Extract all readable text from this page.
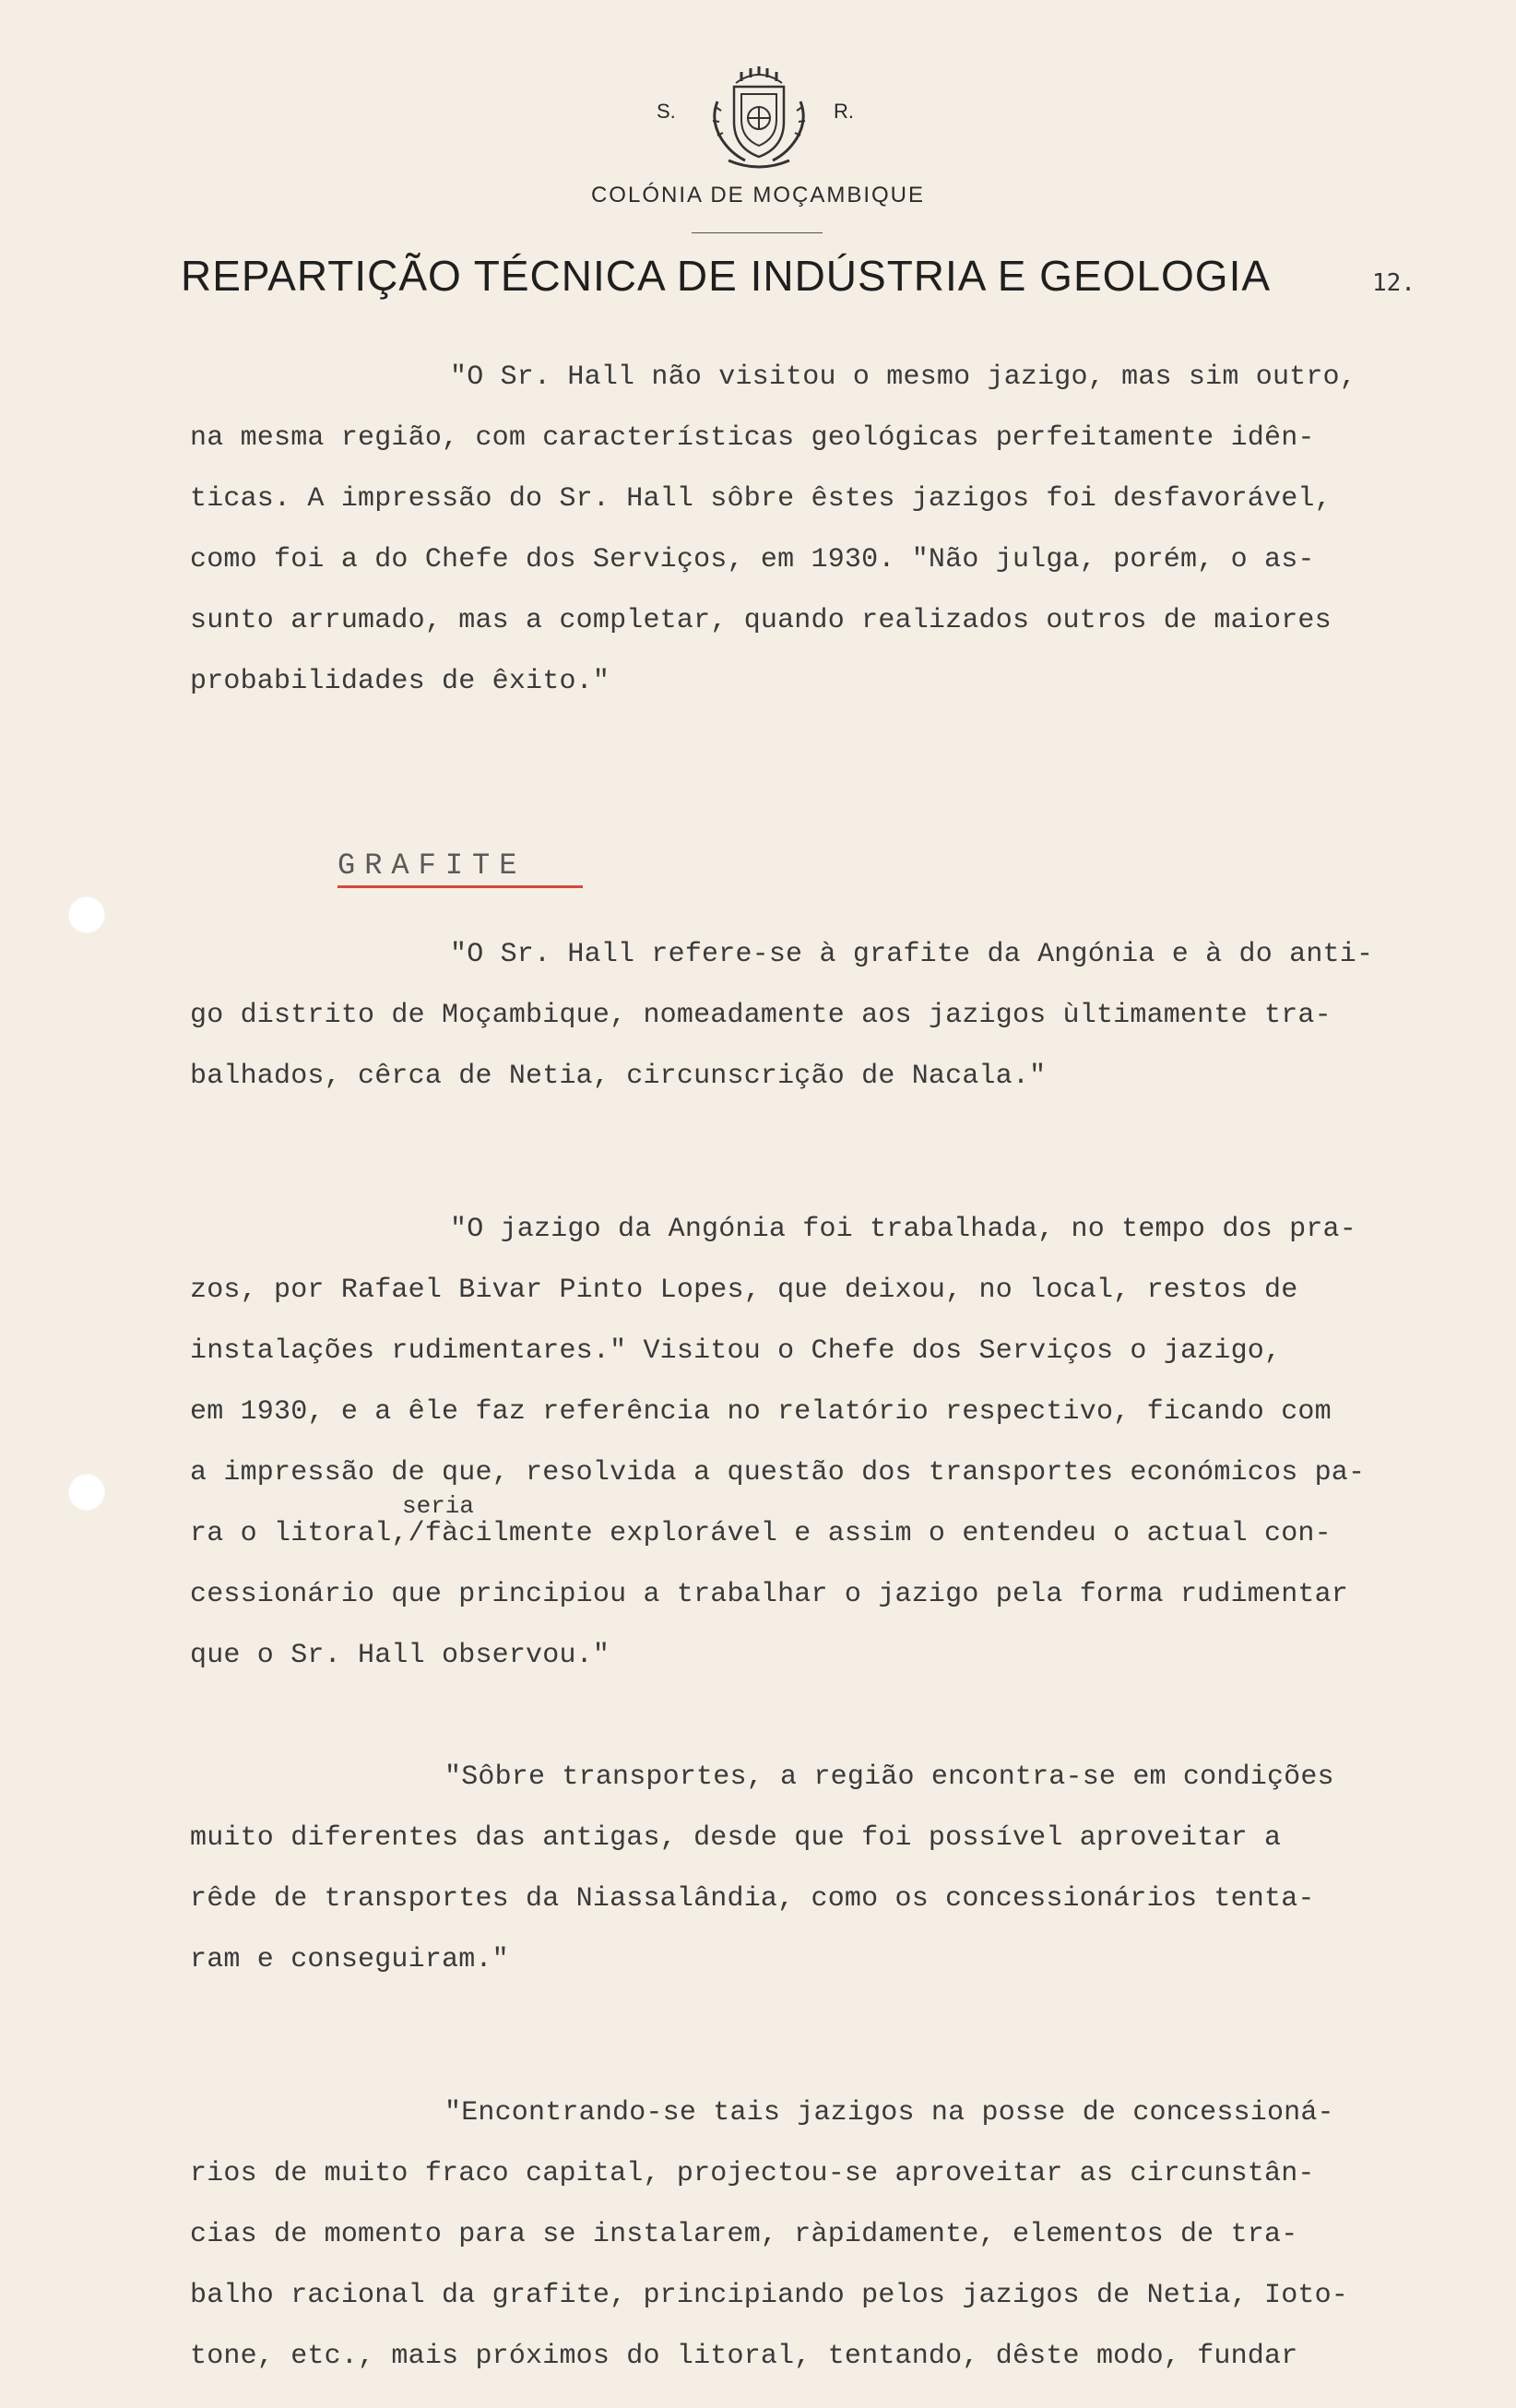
S.	R.
COLÓNIA DE MOÇAMBIQUE
REPARTIÇÃO TÉCNICA DE INDÚSTRIA E GEOLOGIA	12.
"O Sr. Hall não visitou o mesmo jazigo, mas sim outro,
na mesma região, com características geológicas perfeitamente idên-
ticas. A impressão do Sr. Hall sôbre êstes jazigos foi desfavorável,
como foi a do Chefe dos Serviços, em 1930. "Não julga, porém, o as-
sunto arrumado, mas a completar, quando realizados outros de maiores
probabilidades de êxito."
GRAFITE
"O Sr. Hall refere-se à grafite da Angónia e à do anti-
go distrito de Moçambique, nomeadamente aos jazigos ùltimamente tra-
balhados, cêrca de Netia, circunscrição de Nacala."
"O jazigo da Angónia foi trabalhada, no tempo dos pra-
zos, por Rafael Bivar Pinto Lopes, que deixou, no local, restos de
instalações rudimentares." Visitou o Chefe dos Serviços o jazigo,
em 1930, e a êle faz referência no relatório respectivo, ficando com
a impressão de que, resolvida a questão dos transportes económicos pa-
seria
ra o litoral,/fàcilmente explorável e assim o entendeu o actual con-
cessionário que principiou a trabalhar o jazigo pela forma rudimentar
que o Sr. Hall observou."
"Sôbre transportes, a região encontra-se em condições
muito diferentes das antigas, desde que foi possível aproveitar a
rêde de transportes da Niassalândia, como os concessionários tenta-
ram e conseguiram."
"Encontrando-se tais jazigos na posse de concessioná-
rios de muito fraco capital, projectou-se aproveitar as circunstân-
cias de momento para se instalarem, ràpidamente, elementos de tra-
balho racional da grafite, principiando pelos jazigos de Netia, Ioto-
tone, etc., mais próximos do litoral, tentando, dêste modo, fundar
